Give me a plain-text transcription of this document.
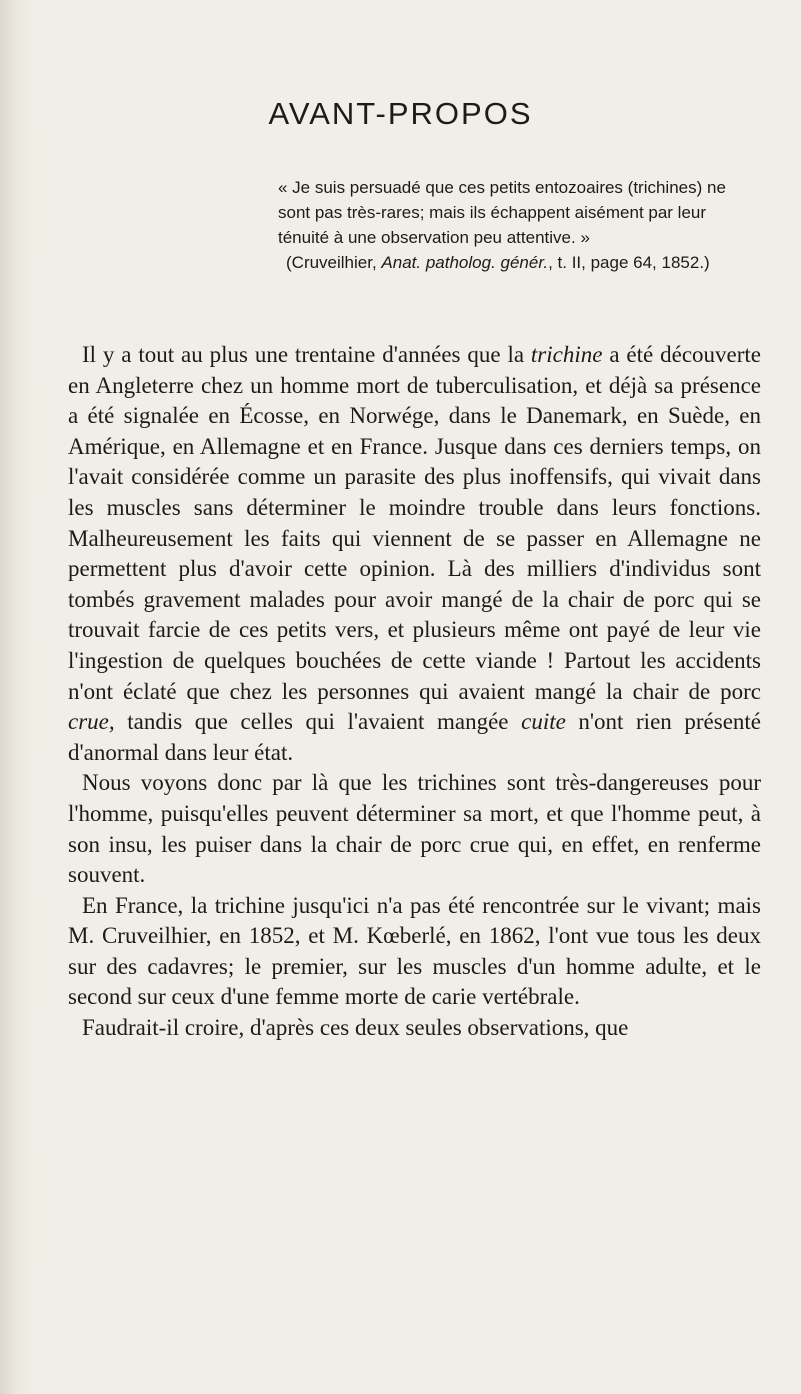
AVANT-PROPOS

« Je suis persuadé que ces petits entozoaires (trichines) ne sont pas très-rares; mais ils échappent aisément par leur ténuité à une observation peu attentive. »

(Cruveilhier, Anat. patholog. génér., t. II, page 64, 1852.)

Il y a tout au plus une trentaine d'années que la trichine a été découverte en Angleterre chez un homme mort de tuberculisation, et déjà sa présence a été signalée en Écosse, en Norwége, dans le Danemark, en Suède, en Amérique, en Allemagne et en France. Jusque dans ces derniers temps, on l'avait considérée comme un parasite des plus inoffensifs, qui vivait dans les muscles sans déterminer le moindre trouble dans leurs fonctions. Malheureusement les faits qui viennent de se passer en Allemagne ne permettent plus d'avoir cette opinion. Là des milliers d'individus sont tombés gravement malades pour avoir mangé de la chair de porc qui se trouvait farcie de ces petits vers, et plusieurs même ont payé de leur vie l'ingestion de quelques bouchées de cette viande ! Partout les accidents n'ont éclaté que chez les personnes qui avaient mangé la chair de porc crue, tandis que celles qui l'avaient mangée cuite n'ont rien présenté d'anormal dans leur état.

Nous voyons donc par là que les trichines sont très-dangereuses pour l'homme, puisqu'elles peuvent déterminer sa mort, et que l'homme peut, à son insu, les puiser dans la chair de porc crue qui, en effet, en renferme souvent.

En France, la trichine jusqu'ici n'a pas été rencontrée sur le vivant; mais M. Cruveilhier, en 1852, et M. Kœberlé, en 1862, l'ont vue tous les deux sur des cadavres; le premier, sur les muscles d'un homme adulte, et le second sur ceux d'une femme morte de carie vertébrale.

Faudrait-il croire, d'après ces deux seules observations, que
